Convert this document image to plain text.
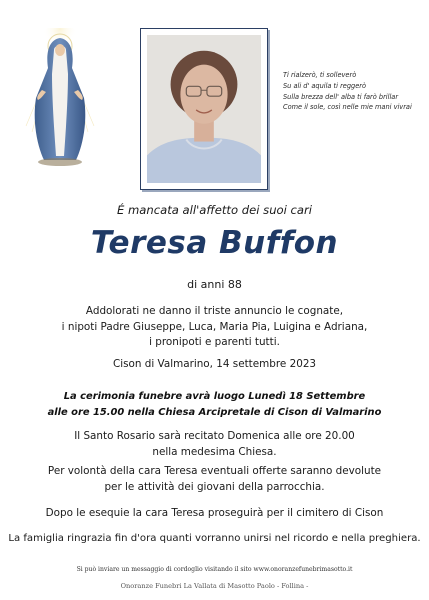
Ti rialzerò, ti solleverò
Su ali d' aquila ti reggerò
Sulla brezza dell' alba ti farò brillar
Come il sole, così nelle mie mani vivrai
É mancata all'affetto dei suoi cari
Teresa Buffon
di anni 88
Addolorati ne danno il triste annuncio le cognate,
i nipoti Padre Giuseppe, Luca, Maria Pia, Luigina e Adriana,
i pronipoti e parenti tutti.
Cison di Valmarino, 14 settembre 2023
La cerimonia funebre avrà luogo Lunedì 18 Settembre
alle ore 15.00 nella Chiesa Arcipretale di Cison di Valmarino
Il Santo Rosario sarà recitato Domenica alle ore 20.00
nella medesima Chiesa.
Per volontà della cara Teresa eventuali offerte saranno devolute
per le attività dei giovani della parrocchia.
Dopo le esequie la cara Teresa proseguirà per il cimitero di Cison
La famiglia ringrazia fin d'ora quanti vorranno unirsi nel ricordo e nella preghiera.
Si può inviare un messaggio di cordoglio visitando il sito www.onoranzefunebrimasotto.it
Onoranze Funebri La Vallata di Masotto Paolo - Follina -
